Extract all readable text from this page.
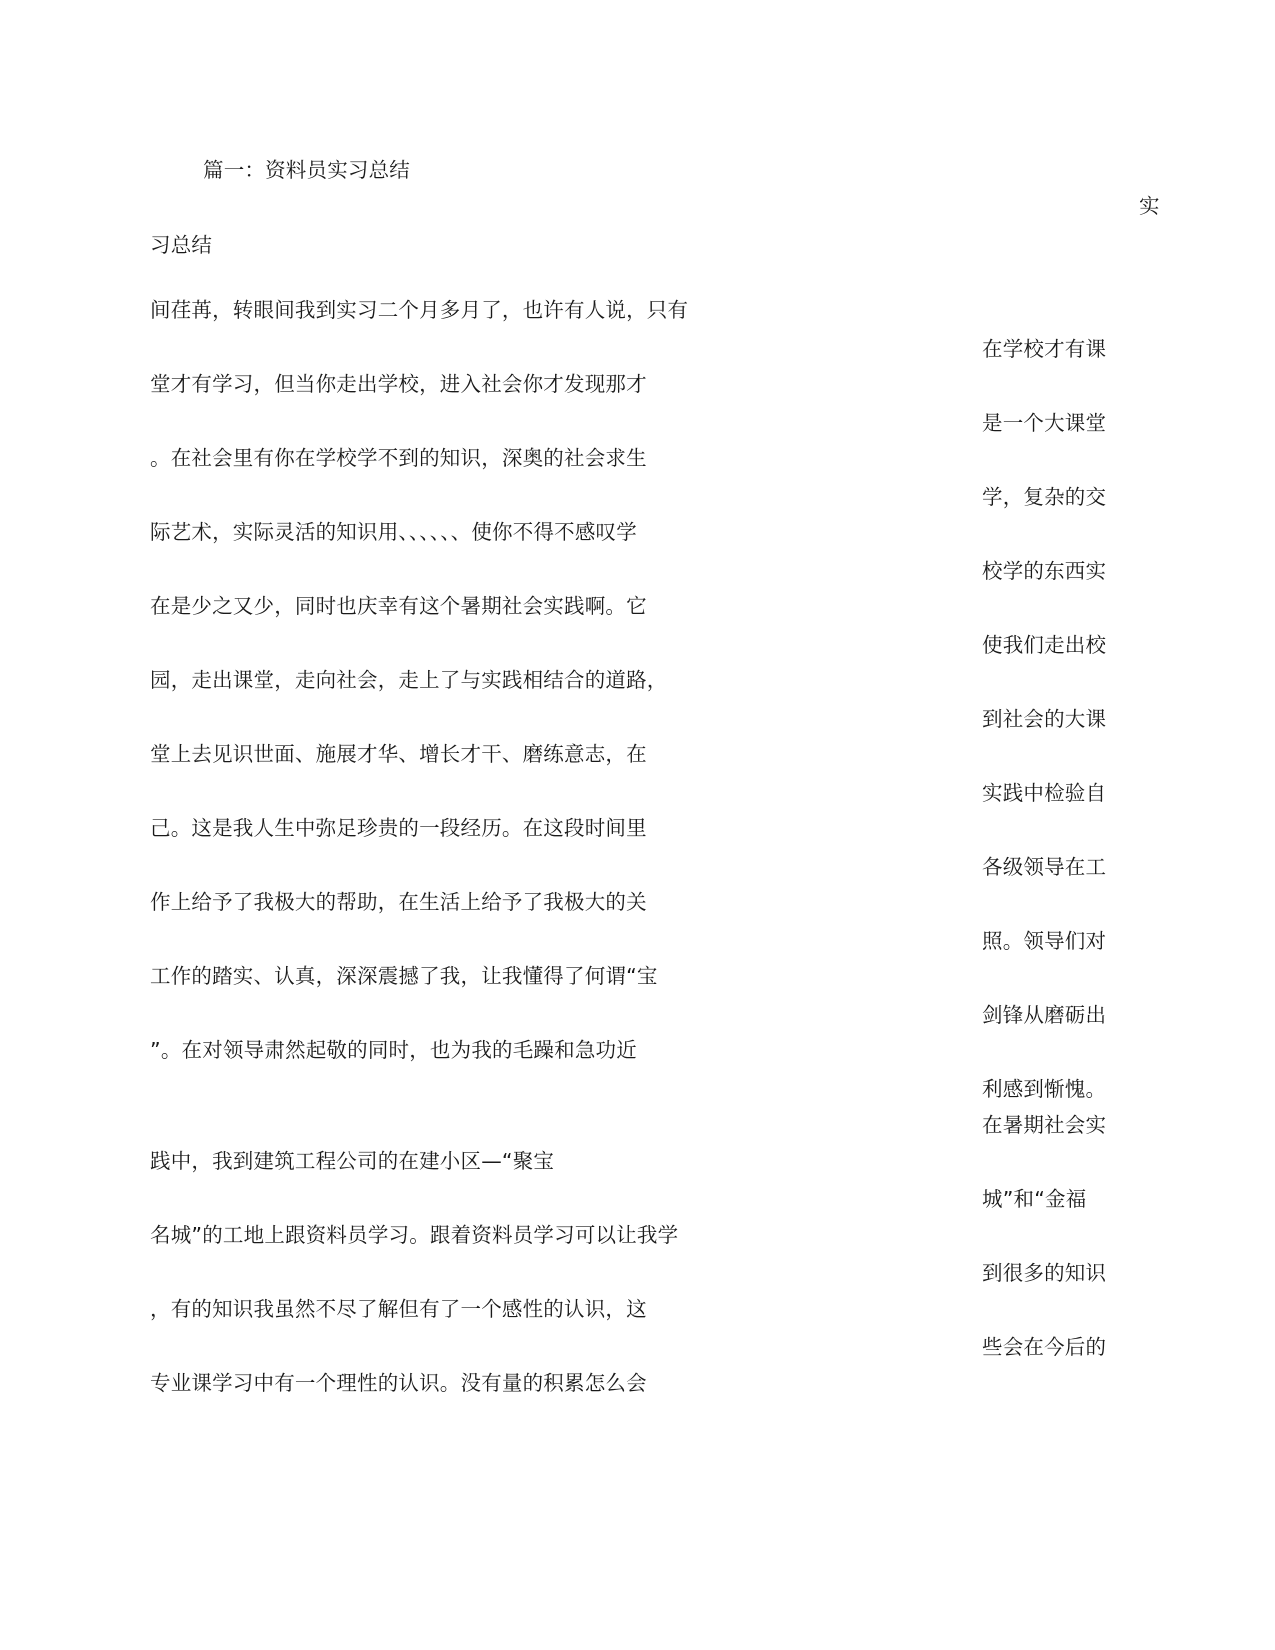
篇一：资料员实习总结
实
习总结
间荏苒，转眼间我到实习二个月多月了，也许有人说，只有
堂才有学习，但当你走出学校，进入社会你才发现那才
。在社会里有你在学校学不到的知识，深奥的社会求生
际艺术，实际灵活的知识用、、、、、、使你不得不感叹学
在是少之又少，同时也庆幸有这个暑期社会实践啊。它
园，走出课堂，走向社会，走上了与实践相结合的道路，
堂上去见识世面、施展才华、增长才干、磨练意志，在
己。这是我人生中弥足珍贵的一段经历。在这段时间里
作上给予了我极大的帮助，在生活上给予了我极大的关
工作的踏实、认真，深深震撼了我，让我懂得了何谓“宝
”。在对领导肃然起敬的同时，也为我的毛躁和急功近
践中，我到建筑工程公司的在建小区—“聚宝
名城”的工地上跟资料员学习。跟着资料员学习可以让我学
，有的知识我虽然不尽了解但有了一个感性的认识，这
专业课学习中有一个理性的认识。没有量的积累怎么会
在学校才有课
是一个大课堂
学，复杂的交
校学的东西实
使我们走出校
到社会的大课
实践中检验自
各级领导在工
照。领导们对
剑锋从磨砺出
利感到惭愧。
在暑期社会实
城”和“金福
到很多的知识
些会在今后的
